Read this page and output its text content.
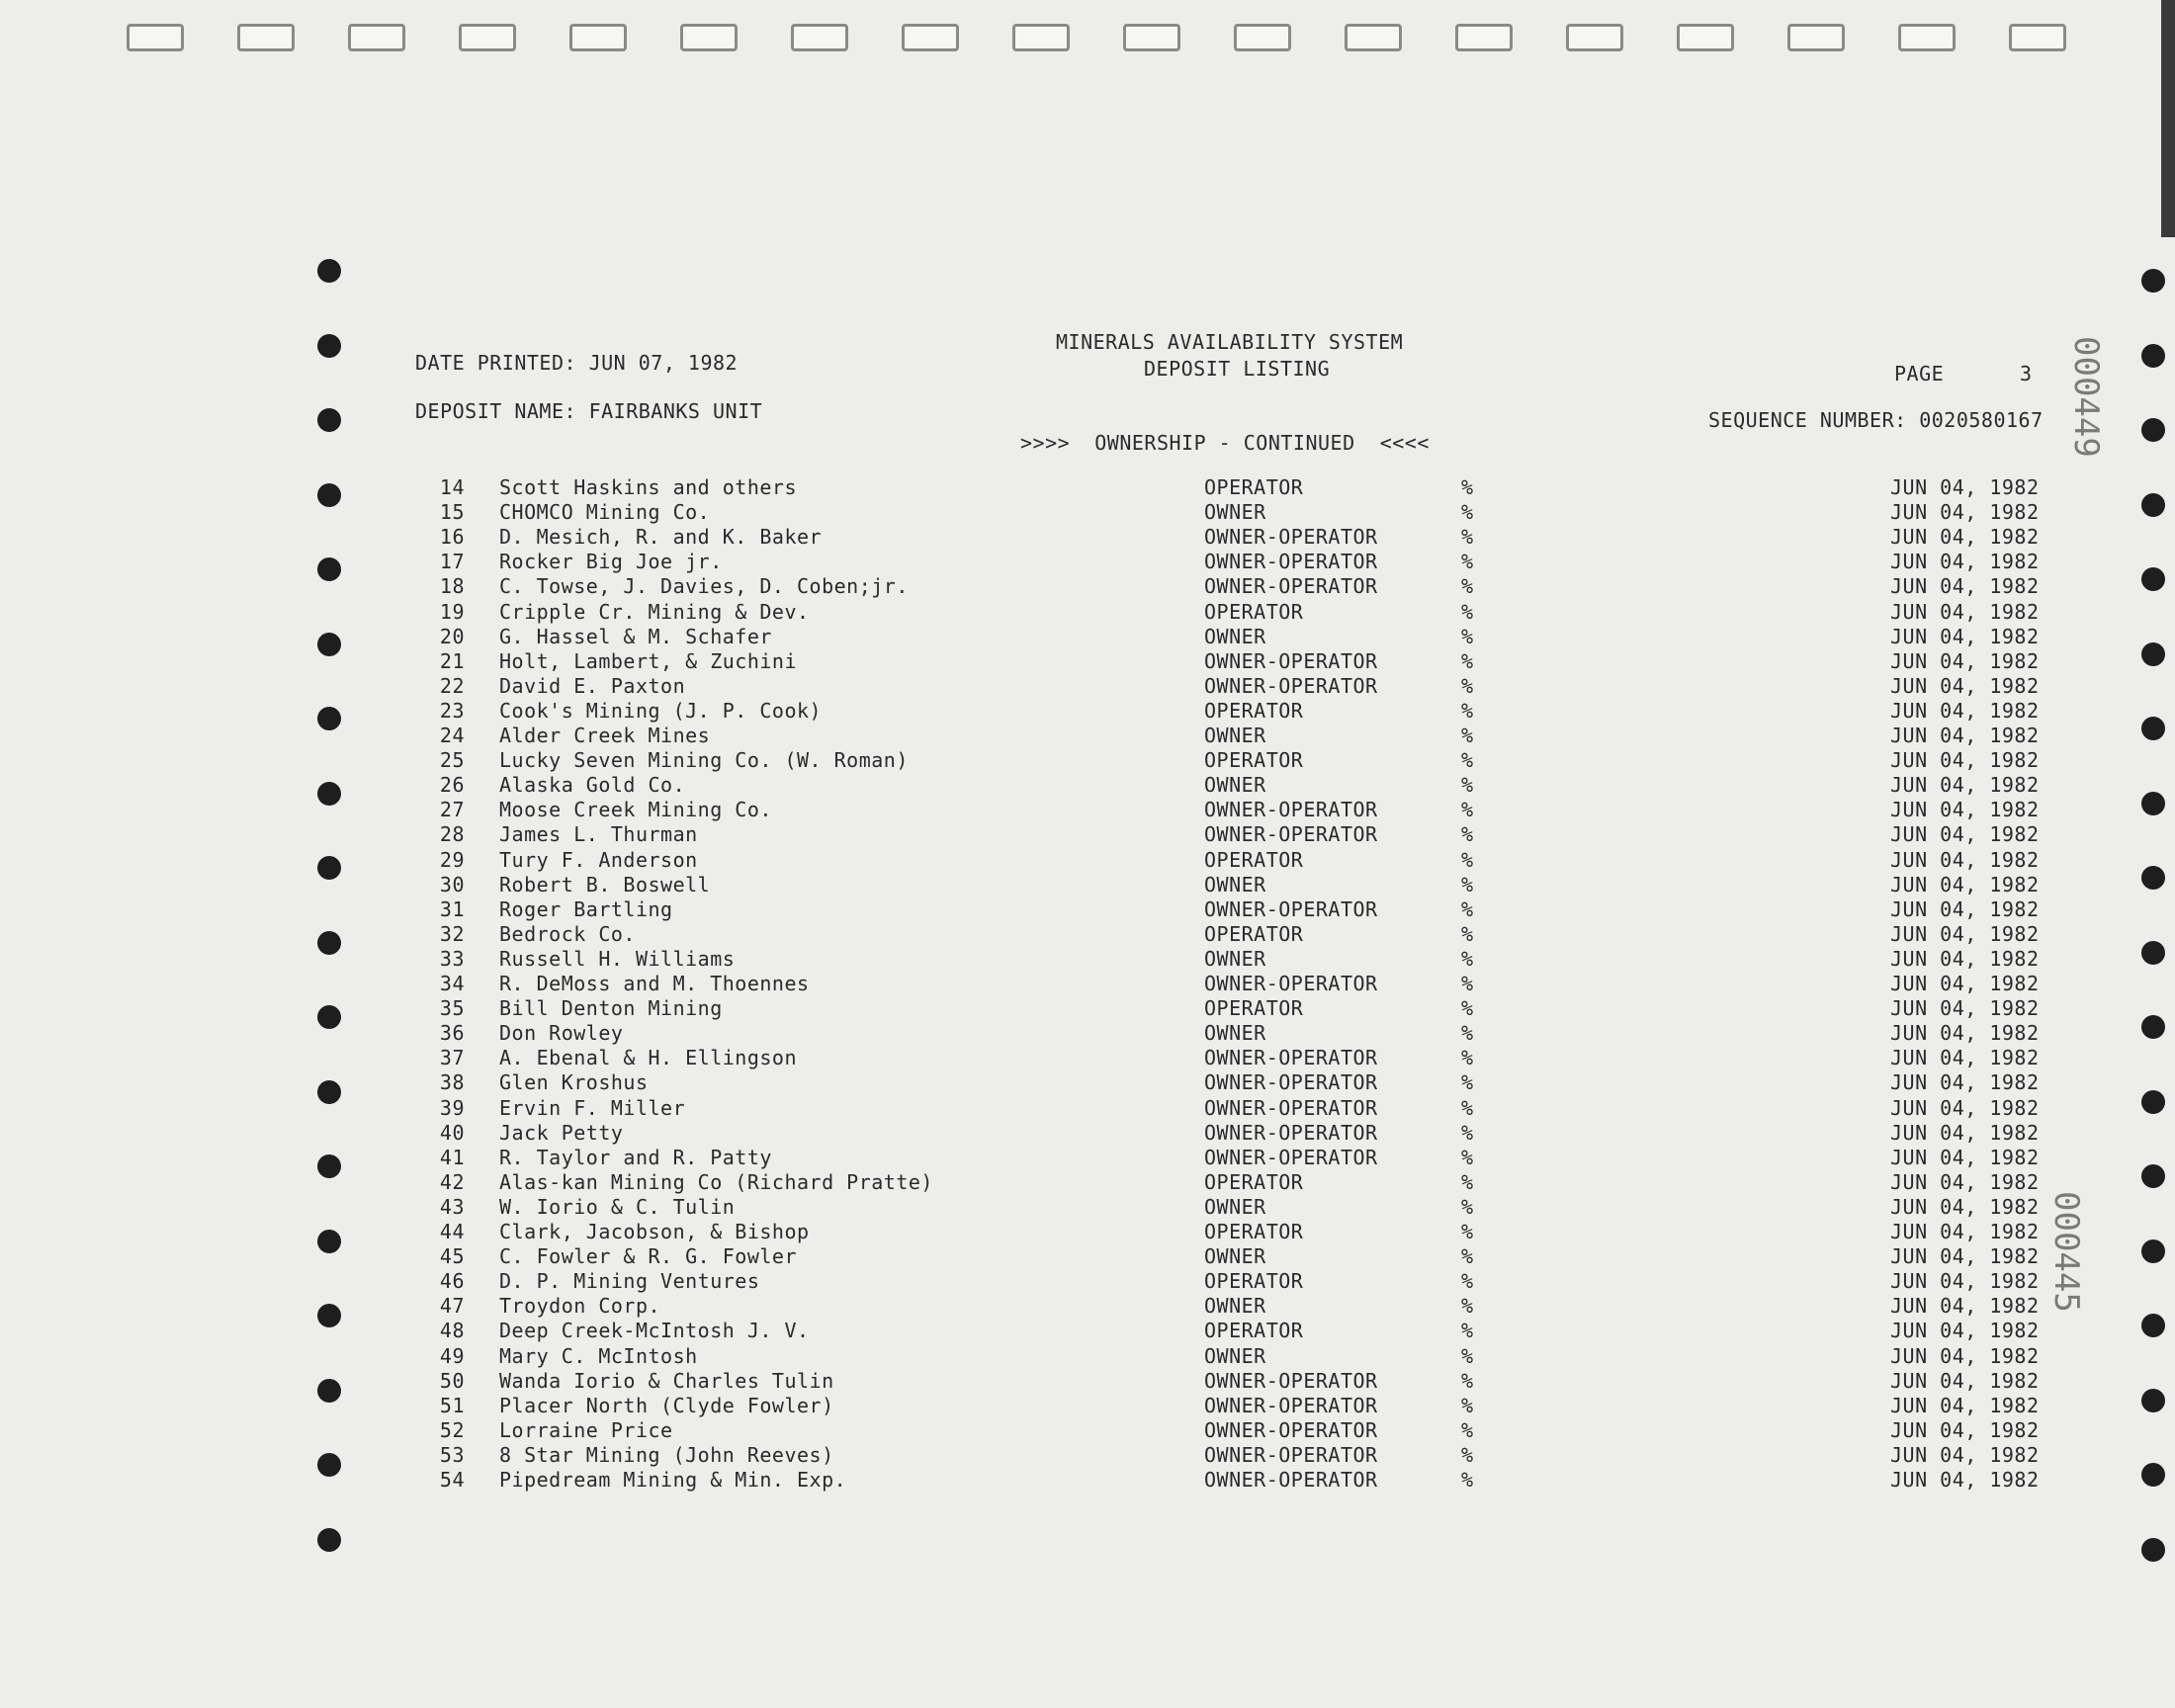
DATE PRINTED: JUN 07, 1982
MINERALS AVAILABILITY SYSTEM
DEPOSIT LISTING	PAGE	3
DEPOSIT NAME: FAIRBANKS UNIT	SEQUENCE NUMBER: 0020580167
>>>>  OWNERSHIP - CONTINUED  <<<<
14 Scott Haskins and others	OPERATOR	%	JUN 04, 1982
15 CHOMCO Mining Co.	OWNER	%	JUN 04, 1982
16 D. Mesich, R. and K. Baker	OWNER-OPERATOR	%	JUN 04, 1982
17 Rocker Big Joe jr.	OWNER-OPERATOR	%	JUN 04, 1982
18 C. Towse, J. Davies, D. Coben;jr.	OWNER-OPERATOR	%	JUN 04, 1982
19 Cripple Cr. Mining & Dev.	OPERATOR	%	JUN 04, 1982
20 G. Hassel & M. Schafer	OWNER	%	JUN 04, 1982
21 Holt, Lambert, & Zuchini	OWNER-OPERATOR	%	JUN 04, 1982
22 David E. Paxton	OWNER-OPERATOR	%	JUN 04, 1982
23 Cook's Mining (J. P. Cook)	OPERATOR	%	JUN 04, 1982
24 Alder Creek Mines	OWNER	%	JUN 04, 1982
25 Lucky Seven Mining Co. (W. Roman)	OPERATOR	%	JUN 04, 1982
26 Alaska Gold Co.	OWNER	%	JUN 04, 1982
27 Moose Creek Mining Co.	OWNER-OPERATOR	%	JUN 04, 1982
28 James L. Thurman	OWNER-OPERATOR	%	JUN 04, 1982
29 Tury F. Anderson	OPERATOR	%	JUN 04, 1982
30 Robert B. Boswell	OWNER	%	JUN 04, 1982
31 Roger Bartling	OWNER-OPERATOR	%	JUN 04, 1982
32 Bedrock Co.	OPERATOR	%	JUN 04, 1982
33 Russell H. Williams	OWNER	%	JUN 04, 1982
34 R. DeMoss and M. Thoennes	OWNER-OPERATOR	%	JUN 04, 1982
35 Bill Denton Mining	OPERATOR	%	JUN 04, 1982
36 Don Rowley	OWNER	%	JUN 04, 1982
37 A. Ebenal & H. Ellingson	OWNER-OPERATOR	%	JUN 04, 1982
38 Glen Kroshus	OWNER-OPERATOR	%	JUN 04, 1982
39 Ervin F. Miller	OWNER-OPERATOR	%	JUN 04, 1982
40 Jack Petty	OWNER-OPERATOR	%	JUN 04, 1982
41 R. Taylor and R. Patty	OWNER-OPERATOR	%	JUN 04, 1982
42 Alas-kan Mining Co (Richard Pratte)	OPERATOR	%	JUN 04, 1982
43 W. Iorio & C. Tulin	OWNER	%	JUN 04, 1982
44 Clark, Jacobson, & Bishop	OPERATOR	%	JUN 04, 1982
45 C. Fowler & R. G. Fowler	OWNER	%	JUN 04, 1982
46 D. P. Mining Ventures	OPERATOR	%	JUN 04, 1982
47 Troydon Corp.	OWNER	%	JUN 04, 1982
48 Deep Creek-McIntosh J. V.	OPERATOR	%	JUN 04, 1982
49 Mary C. McIntosh	OWNER	%	JUN 04, 1982
50 Wanda Iorio & Charles Tulin	OWNER-OPERATOR	%	JUN 04, 1982
51 Placer North (Clyde Fowler)	OWNER-OPERATOR	%	JUN 04, 1982
52 Lorraine Price	OWNER-OPERATOR	%	JUN 04, 1982
53 8 Star Mining (John Reeves)	OWNER-OPERATOR	%	JUN 04, 1982
54 Pipedream Mining & Min. Exp.	OWNER-OPERATOR	%	JUN 04, 1982
000449
000445
